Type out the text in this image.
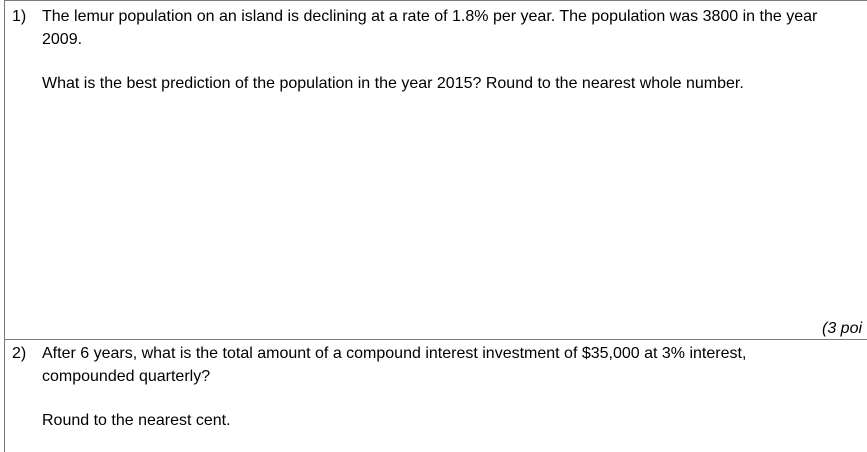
1) The lemur population on an island is declining at a rate of 1.8% per year. The population was 3800 in the year
2009.
What is the best prediction of the population in the year 2015? Round to the nearest whole number.
(3 poi
2) After 6 years, what is the total amount of a compound interest investment of $35,000 at 3% interest,
compounded quarterly?
Round to the nearest cent.
